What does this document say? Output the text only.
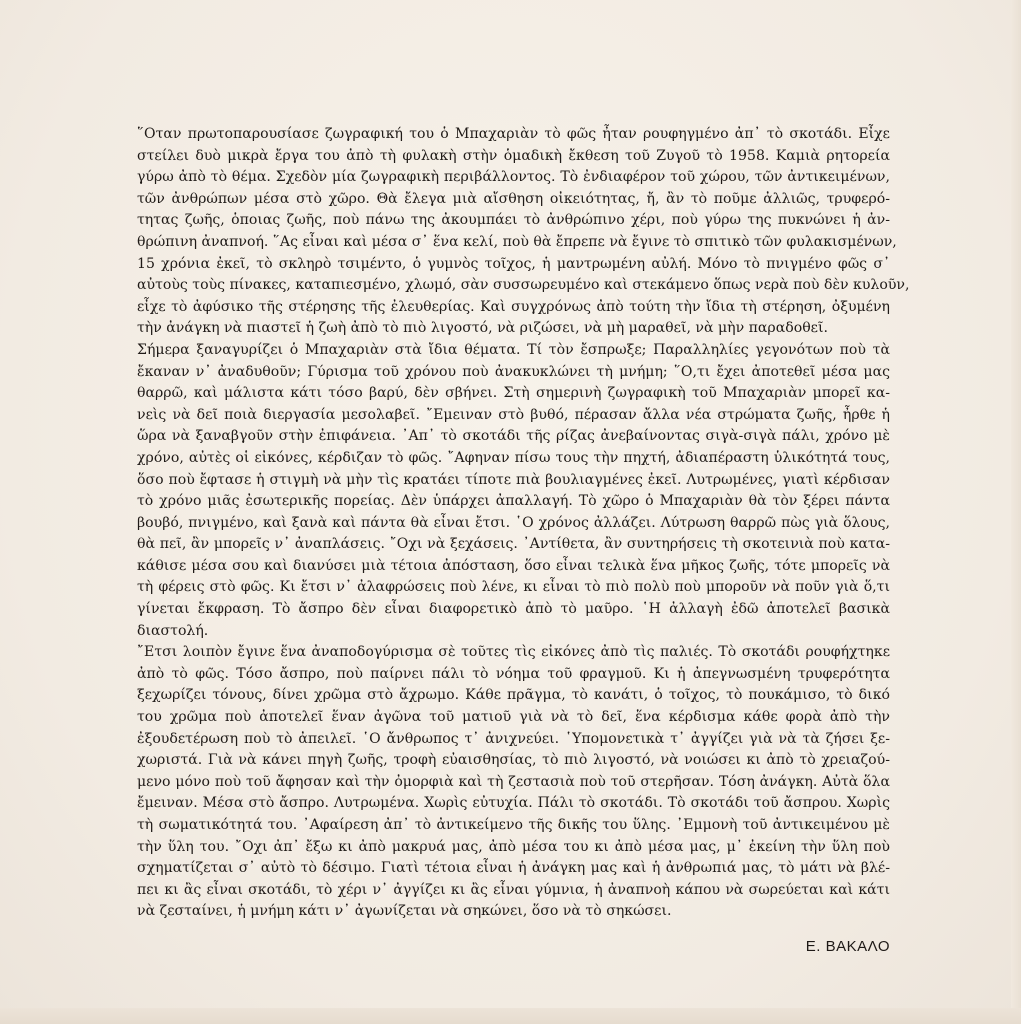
῞Οταν πρωτοπαρουσίασε ζωγραφική του ὁ Μπαχαριὰν τὸ φῶς ἦταν ρουφηγμένο ἀπ᾽ τὸ σκοτάδι. Εἶχε
στείλει δυὸ μικρὰ ἔργα του ἀπὸ τὴ φυλακὴ στὴν ὁμαδικὴ ἔκθεση τοῦ Ζυγοῦ τὸ 1958. Καμιὰ ρητορεία
γύρω ἀπὸ τὸ θέμα. Σχεδὸν μία ζωγραφικὴ περιβάλλοντος. Τὸ ἐνδιαφέρον τοῦ χώρου, τῶν ἀντικειμένων,
τῶν ἀνθρώπων μέσα στὸ χῶρο. Θὰ ἔλεγα μιὰ αἴσθηση οἰκειότητας, ἤ, ἂν τὸ ποῦμε ἀλλιῶς, τρυφερό-
τητας ζωῆς, ὁποιας ζωῆς, ποὺ πάνω της ἀκουμπάει τὸ ἀνθρώπινο χέρι, ποὺ γύρω της πυκνώνει ἡ ἀν-
θρώπινη ἀναπνοή. ῞Ας εἶναι καὶ μέσα σ᾽ ἕνα κελί, ποὺ θὰ ἔπρεπε νὰ ἔγινε τὸ σπιτικὸ τῶν φυλακισμένων,
15 χρόνια ἐκεῖ, τὸ σκληρὸ τσιμέντο, ὁ γυμνὸς τοῖχος, ἡ μαντρωμένη αὐλή. Μόνο τὸ πνιγμένο φῶς σ᾽
αὐτοὺς τοὺς πίνακες, καταπιεσμένο, χλωμό, σὰν συσσωρευμένο καὶ στεκάμενο ὅπως νερὰ ποὺ δὲν κυλοῦν,
εἶχε τὸ ἀφύσικο τῆς στέρησης τῆς ἐλευθερίας. Καὶ συγχρόνως ἀπὸ τούτη τὴν ἴδια τὴ στέρηση, ὀξυμένη
τὴν ἀνάγκη νὰ πιαστεῖ ἡ ζωὴ ἀπὸ τὸ πιὸ λιγοστό, νὰ ριζώσει, νὰ μὴ μαραθεῖ, νὰ μὴν παραδοθεῖ.
Σήμερα ξαναγυρίζει ὁ Μπαχαριὰν στὰ ἴδια θέματα. Τί τὸν ἔσπρωξε; Παραλληλίες γεγονότων ποὺ τὰ
ἔκαναν ν᾽ ἀναδυθοῦν; Γύρισμα τοῦ χρόνου ποὺ ἀνακυκλώνει τὴ μνήμη; ῞Ο,τι ἔχει ἀποτεθεῖ μέσα μας
θαρρῶ, καὶ μάλιστα κάτι τόσο βαρύ, δὲν σβήνει. Στὴ σημερινὴ ζωγραφικὴ τοῦ Μπαχαριὰν μπορεῖ κα-
νεὶς νὰ δεῖ ποιὰ διεργασία μεσολαβεῖ. ῎Εμειναν στὸ βυθό, πέρασαν ἄλλα νέα στρώματα ζωῆς, ἦρθε ἡ
ὥρα νὰ ξαναβγοῦν στὴν ἐπιφάνεια. ᾿Απ᾽ τὸ σκοτάδι τῆς ρίζας ἀνεβαίνοντας σιγὰ-σιγὰ πάλι, χρόνο μὲ
χρόνο, αὐτὲς οἱ εἰκόνες, κέρδιζαν τὸ φῶς. ῎Αφηναν πίσω τους τὴν πηχτή, ἀδιαπέραστη ὑλικότητά τους,
ὅσο ποὺ ἔφτασε ἡ στιγμὴ νὰ μὴν τὶς κρατάει τίποτε πιὰ βουλιαγμένες ἐκεῖ. Λυτρωμένες, γιατὶ κέρδισαν
τὸ χρόνο μιᾶς ἐσωτερικῆς πορείας. Δὲν ὑπάρχει ἀπαλλαγή. Τὸ χῶρο ὁ Μπαχαριὰν θὰ τὸν ξέρει πάντα
βουβό, πνιγμένο, καὶ ξανὰ καὶ πάντα θὰ εἶναι ἔτσι. ῾Ο χρόνος ἀλλάζει. Λύτρωση θαρρῶ πὼς γιὰ ὅλους,
θὰ πεῖ, ἂν μπορεῖς ν᾽ ἀναπλάσεις. ῎Οχι νὰ ξεχάσεις. ᾿Αντίθετα, ἂν συντηρήσεις τὴ σκοτεινιὰ ποὺ κατα-
κάθισε μέσα σου καὶ διανύσει μιὰ τέτοια ἀπόσταση, ὅσο εἶναι τελικὰ ἕνα μῆκος ζωῆς, τότε μπορεῖς νὰ
τὴ φέρεις στὸ φῶς. Κι ἔτσι ν᾽ ἀλαφρώσεις ποὺ λένε, κι εἶναι τὸ πιὸ πολὺ ποὺ μποροῦν νὰ ποῦν γιὰ ὅ,τι
γίνεται ἔκφραση. Τὸ ἄσπρο δὲν εἶναι διαφορετικὸ ἀπὸ τὸ μαῦρο. ῾Η ἀλλαγὴ ἐδῶ ἀποτελεῖ βασικὰ
διαστολή.
῎Ετσι λοιπὸν ἔγινε ἕνα ἀναποδογύρισμα σὲ τοῦτες τὶς εἰκόνες ἀπὸ τὶς παλιές. Τὸ σκοτάδι ρουφήχτηκε
ἀπὸ τὸ φῶς. Τόσο ἄσπρο, ποὺ παίρνει πάλι τὸ νόημα τοῦ φραγμοῦ. Κι ἡ ἀπεγνωσμένη τρυφερότητα
ξεχωρίζει τόνους, δίνει χρῶμα στὸ ἄχρωμο. Κάθε πρᾶγμα, τὸ κανάτι, ὁ τοῖχος, τὸ πουκάμισο, τὸ δικό
του χρῶμα ποὺ ἀποτελεῖ ἕναν ἀγῶνα τοῦ ματιοῦ γιὰ νὰ τὸ δεῖ, ἕνα κέρδισμα κάθε φορὰ ἀπὸ τὴν
ἐξουδετέρωση ποὺ τὸ ἀπειλεῖ. ῾Ο ἄνθρωπος τ᾽ ἀνιχνεύει. ῾Υπομονετικὰ τ᾽ ἀγγίζει γιὰ νὰ τὰ ζήσει ξε-
χωριστά. Γιὰ νὰ κάνει πηγὴ ζωῆς, τροφὴ εὐαισθησίας, τὸ πιὸ λιγοστό, νὰ νοιώσει κι ἀπὸ τὸ χρειαζού-
μενο μόνο ποὺ τοῦ ἄφησαν καὶ τὴν ὀμορφιὰ καὶ τὴ ζεστασιὰ ποὺ τοῦ στερῆσαν. Τόση ἀνάγκη. Αὐτὰ ὅλα
ἔμειναν. Μέσα στὸ ἄσπρο. Λυτρωμένα. Χωρὶς εὐτυχία. Πάλι τὸ σκοτάδι. Τὸ σκοτάδι τοῦ ἄσπρου. Χωρὶς
τὴ σωματικότητά του. ᾿Αφαίρεση ἀπ᾽ τὸ ἀντικείμενο τῆς δικῆς του ὕλης. ᾿Εμμονὴ τοῦ ἀντικειμένου μὲ
τὴν ὕλη του. ῎Οχι ἀπ᾽ ἔξω κι ἀπὸ μακρυά μας, ἀπὸ μέσα του κι ἀπὸ μέσα μας, μ᾽ ἐκείνη τὴν ὕλη ποὺ
σχηματίζεται σ᾽ αὐτὸ τὸ δέσιμο. Γιατὶ τέτοια εἶναι ἡ ἀνάγκη μας καὶ ἡ ἀνθρωπιά μας, τὸ μάτι νὰ βλέ-
πει κι ἂς εἶναι σκοτάδι, τὸ χέρι ν᾽ ἀγγίζει κι ἂς εἶναι γύμνια, ἡ ἀναπνοὴ κάπου νὰ σωρεύεται καὶ κάτι
νὰ ζεσταίνει, ἡ μνήμη κάτι ν᾽ ἀγωνίζεται νὰ σηκώνει, ὅσο νὰ τὸ σηκώσει.
Ε. ΒΑΚΑΛΟ
